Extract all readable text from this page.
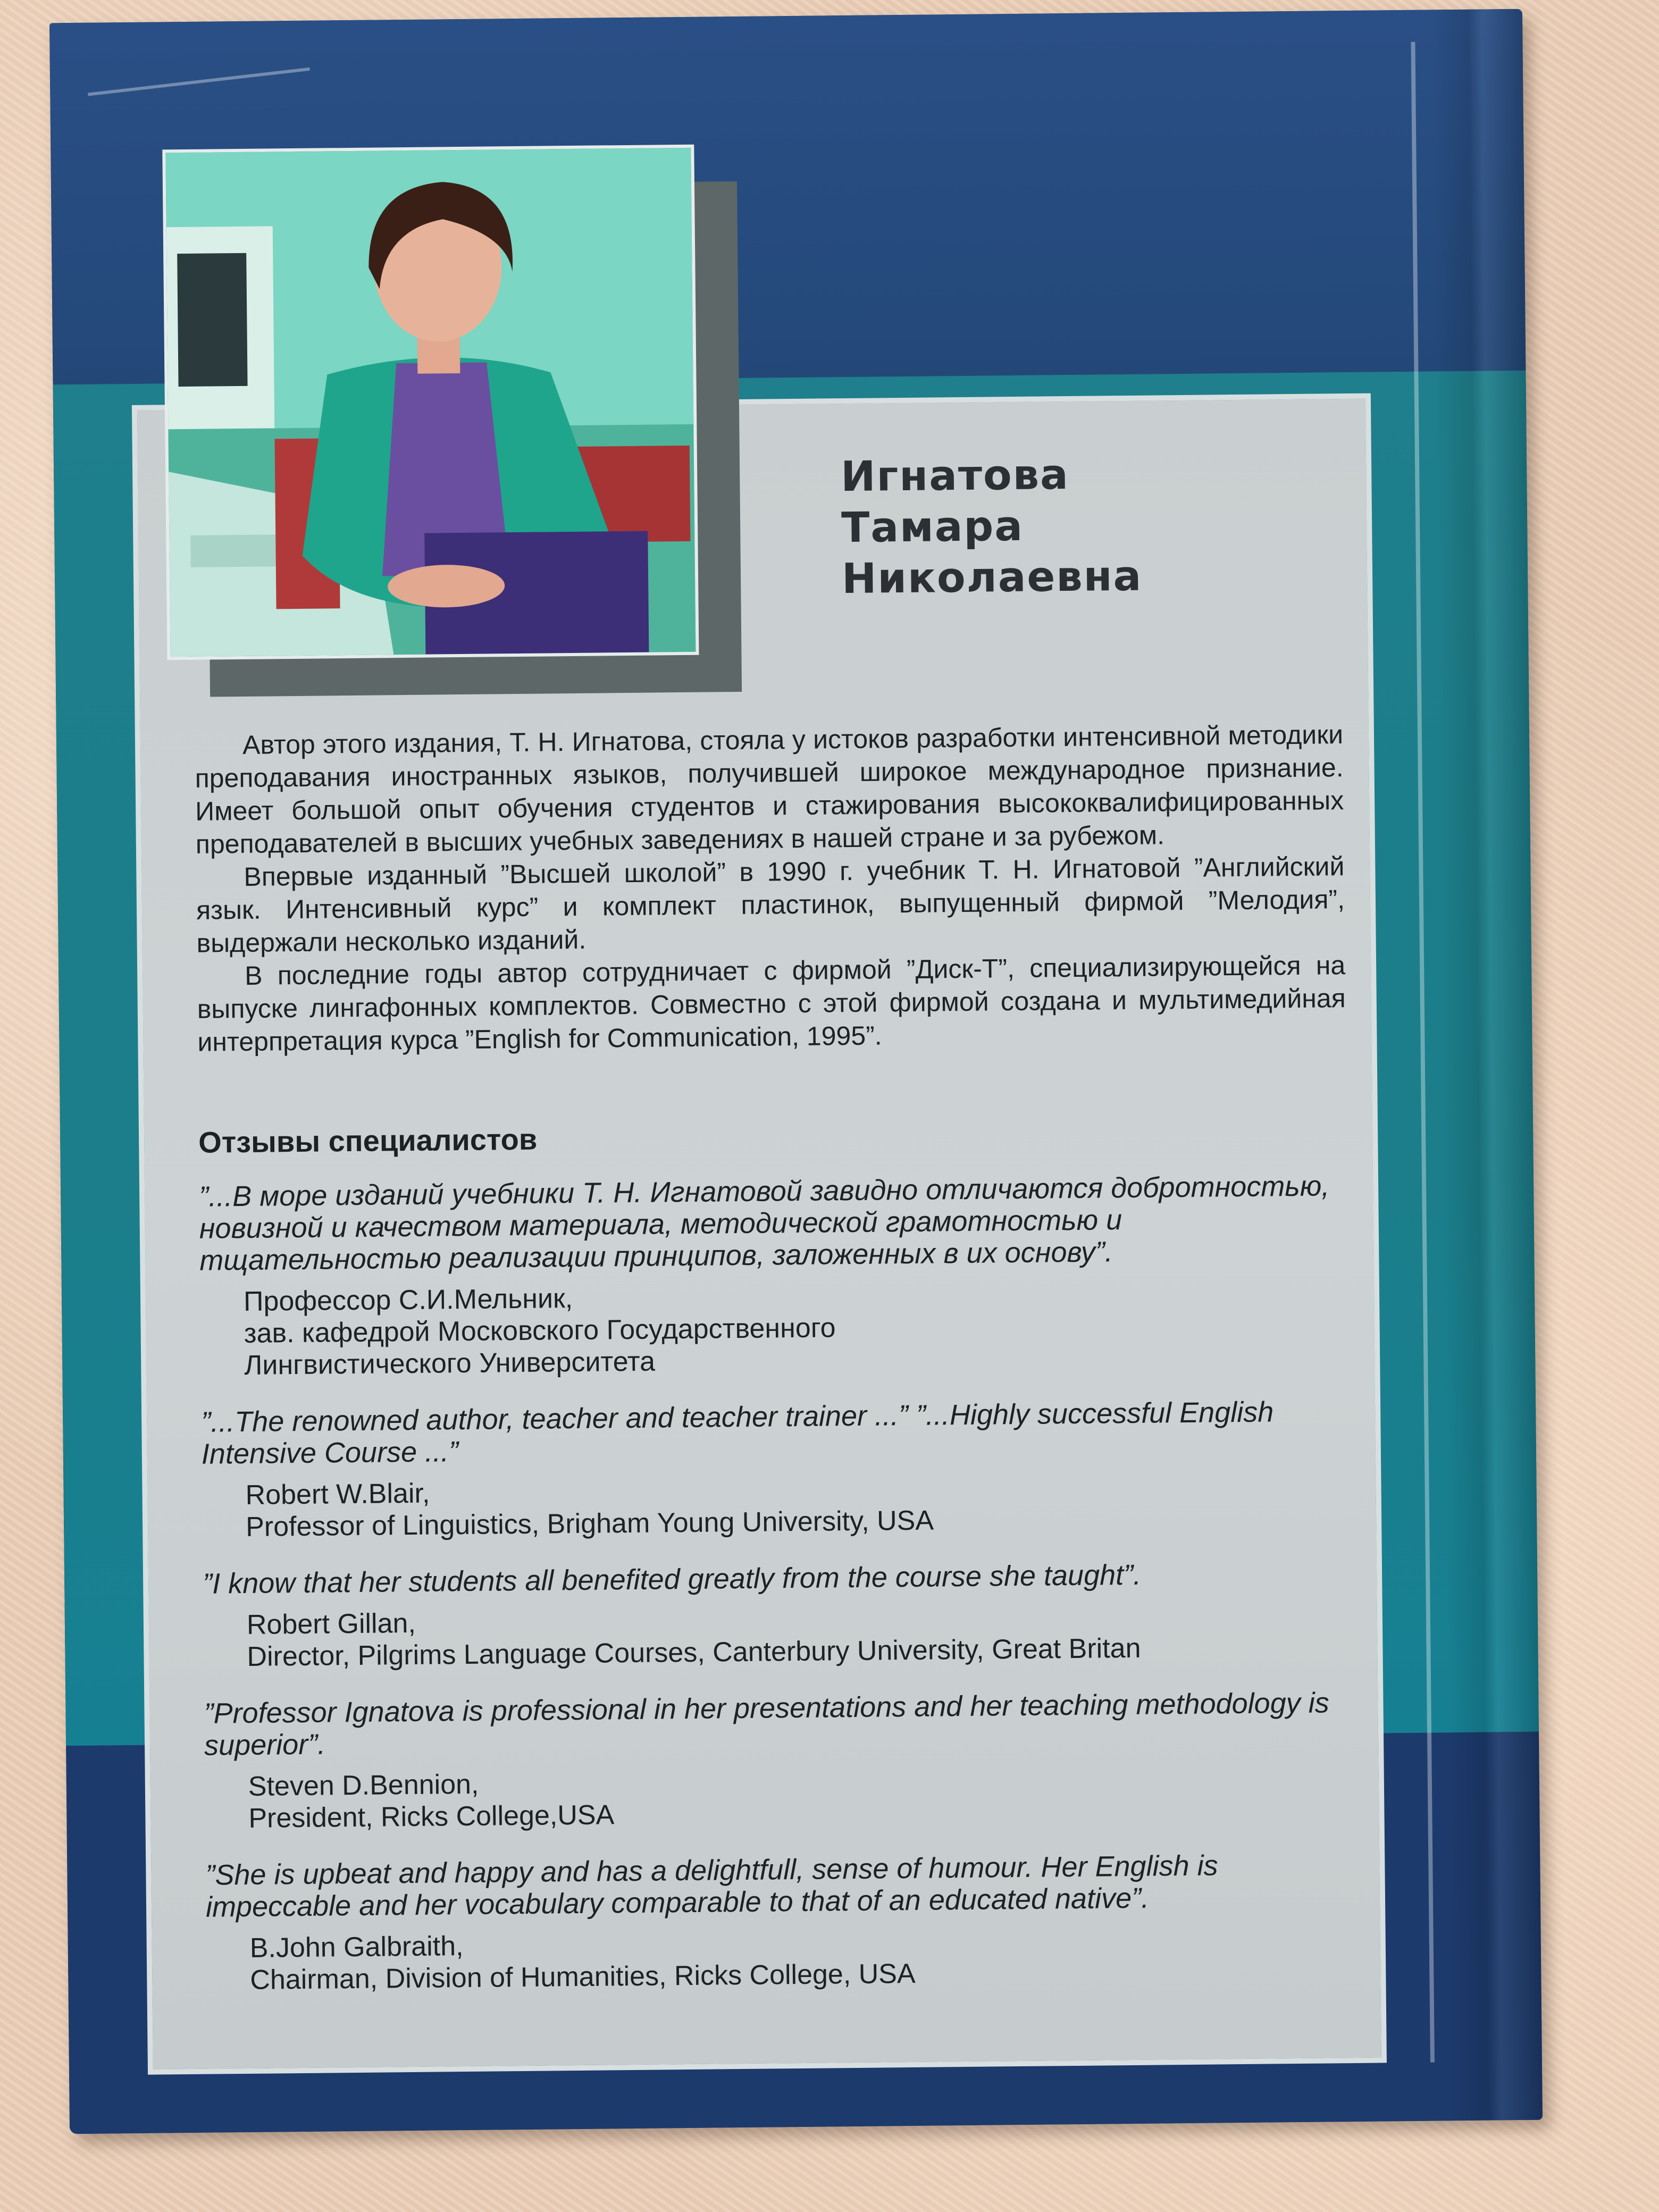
Игнатова
Тамара
Николаевна

Автор этого издания, Т. Н. Игнатова, стояла у истоков разработки интенсивной методики преподавания иностранных языков, получившей широкое международное признание. Имеет большой опыт обучения студентов и стажирования высококвалифицированных преподавателей в высших учебных заведениях в нашей стране и за рубежом.

Впервые изданный ”Высшей школой” в 1990 г. учебник Т. Н. Игнатовой ”Английский язык. Интенсивный курс” и комплект пластинок, выпущенный фирмой ”Мелодия”, выдержали несколько изданий.

В последние годы автор сотрудничает с фирмой ”Диск-Т”, специализирующейся на выпуске лингафонных комплектов. Совместно с этой фирмой создана и мультимедийная интерпретация курса ”English for Communication, 1995”.

Отзывы специалистов
”...В море изданий учебники Т. Н. Игнатовой завидно отличаются добротностью, новизной и качеством материала, методической грамотностью и тщательностью реализации принципов, заложенных в их основу”.
Профессор С.И.Мельник,
зав. кафедрой Московского Государственного
Лингвистического Университета
”...The renowned author, teacher and teacher trainer ...” ”...Highly successful English Intensive Course ...”
Robert W.Blair,
Professor of Linguistics, Brigham Young University, USA
”I know that her students all benefited greatly from the course she taught”.
Robert Gillan,
Director, Pilgrims Language Courses, Canterbury University, Great Britan
”Professor Ignatova is professional in her presentations and her teaching methodology is superior”.
Steven D.Bennion,
President, Ricks College,USA
”She is upbeat and happy and has a delightfull, sense of humour. Her English is impeccable and her vocabulary comparable to that of an educated native”.
B.John Galbraith,
Chairman, Division of Humanities, Ricks College, USA
